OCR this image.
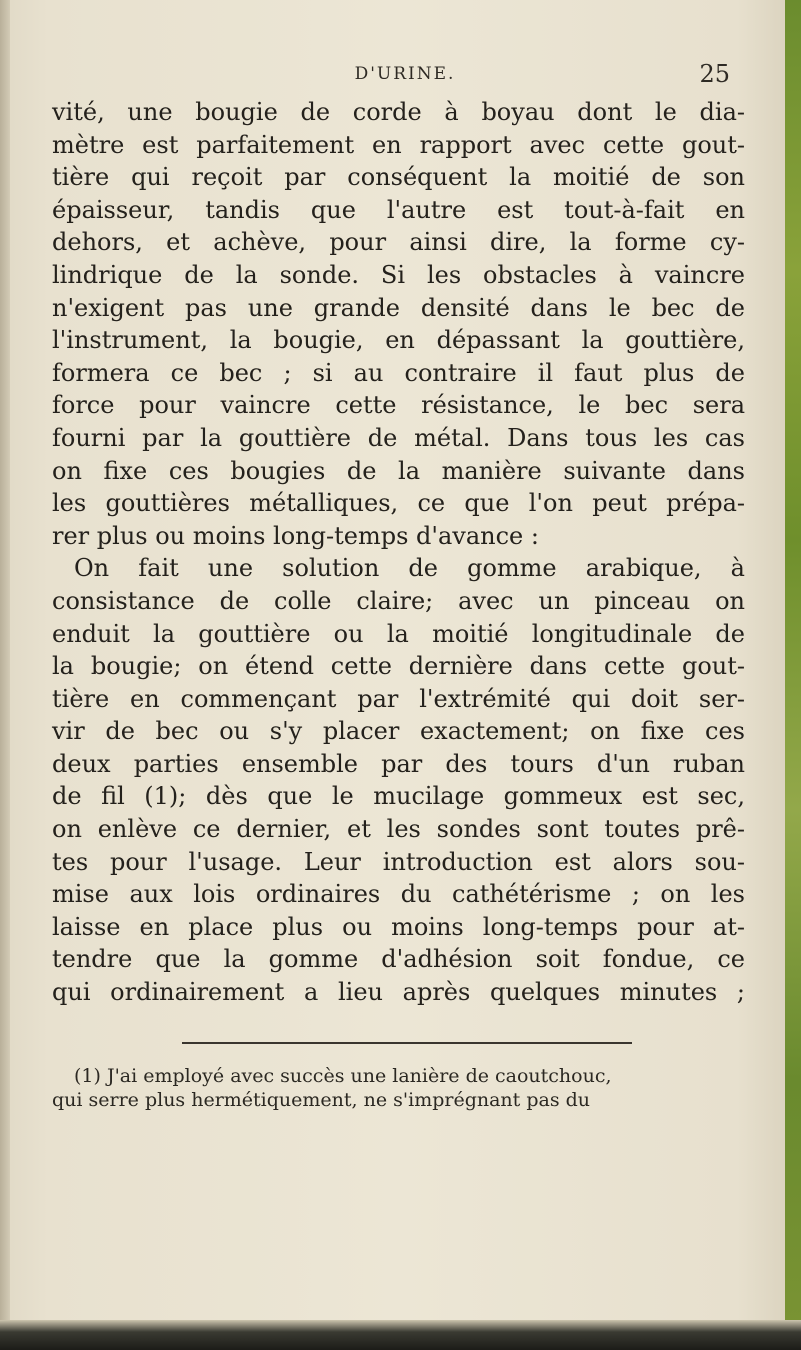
D'URINE.	25
vité, une bougie de corde à boyau dont le dia-
mètre est parfaitement en rapport avec cette gout-
tière qui reçoit par conséquent la moitié de son
épaisseur, tandis que l'autre est tout-à-fait en
dehors, et achève, pour ainsi dire, la forme cy-
lindrique de la sonde. Si les obstacles à vaincre
n'exigent pas une grande densité dans le bec de
l'instrument, la bougie, en dépassant la gouttière,
formera ce bec ; si au contraire il faut plus de
force pour vaincre cette résistance, le bec sera
fourni par la gouttière de métal. Dans tous les cas
on fixe ces bougies de la manière suivante dans
les gouttières métalliques, ce que l'on peut prépa-
rer plus ou moins long-temps d'avance :
On fait une solution de gomme arabique, à
consistance de colle claire; avec un pinceau on
enduit la gouttière ou la moitié longitudinale de
la bougie; on étend cette dernière dans cette gout-
tière en commençant par l'extrémité qui doit ser-
vir de bec ou s'y placer exactement; on fixe ces
deux parties ensemble par des tours d'un ruban
de fil (1); dès que le mucilage gommeux est sec,
on enlève ce dernier, et les sondes sont toutes prê-
tes pour l'usage. Leur introduction est alors sou-
mise aux lois ordinaires du cathétérisme ; on les
laisse en place plus ou moins long-temps pour at-
tendre que la gomme d'adhésion soit fondue, ce
qui ordinairement a lieu après quelques minutes ;
(1) J'ai employé avec succès une lanière de caoutchouc,
qui serre plus hermétiquement, ne s'imprégnant pas du
